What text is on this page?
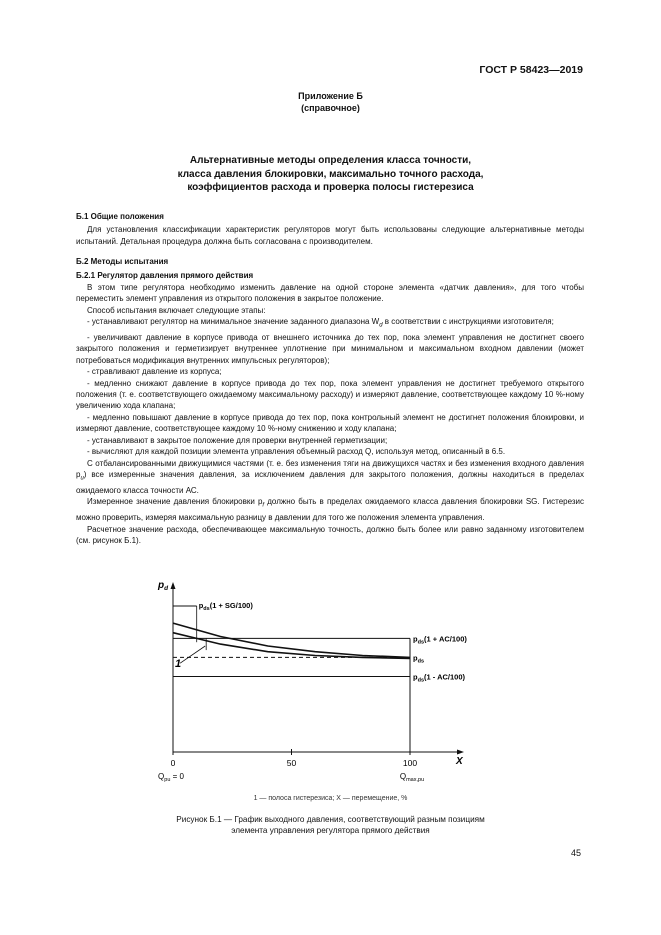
ГОСТ Р 58423—2019
Приложение Б
(справочное)
Альтернативные методы определения класса точности,
класса давления блокировки, максимально точного расхода,
коэффициентов расхода и проверка полосы гистерезиса

Б.1 Общие положения

Для установления классификации характеристик регуляторов могут быть использованы следующие альтернативные методы испытаний. Детальная процедура должна быть согласована с производителем.

Б.2 Методы испытания

Б.2.1 Регулятор давления прямого действия

В этом типе регулятора необходимо изменить давление на одной стороне элемента «датчик давления», для того чтобы переместить элемент управления из открытого положения в закрытое положение.

Способ испытания включает следующие этапы:

- устанавливают регулятор на минимальное значение заданного диапазона $W_d$ в соответствии с инструкциями изготовителя;

- увеличивают давление в корпусе привода от внешнего источника до тех пор, пока элемент управления не достигнет своего закрытого положения и герметизирует внутреннее уплотнение при минимальном и максимальном входном давлении (может потребоваться модификация внутренних импульсных регуляторов);

- стравливают давление из корпуса;

- медленно снижают давление в корпусе привода до тех пор, пока элемент управления не достигнет требуемого открытого положения (т. е. соответствующего ожидаемому максимальному расходу) и измеряют давление, соответствующее каждому 10 %-ному увеличению хода клапана;

- медленно повышают давление в корпусе привода до тех пор, пока контрольный элемент не достигнет положения блокировки, и измеряют давление, соответствующее каждому 10 %-ному снижению и ходу клапана;

- устанавливают в закрытое положение для проверки внутренней герметизации;

- вычисляют для каждой позиции элемента управления объемный расход Q, используя метод, описанный в 6.5.

С отбалансированными движущимися частями (т. е. без изменения тяги на движущихся частях и без изменения входного давления $p_u$) все измеренные значения давления, за исключением давления для закрытого положения, должны находиться в пределах ожидаемого класса точности АС.

Измеренное значение давления блокировки $p_f$ должно быть в пределах ожидаемого класса давления блокировки SG. Гистерезис можно проверить, измеряя максимальную разницу в давлении для того же положения элемента управления.

Расчетное значение расхода, обеспечивающее максимальную точность, должно быть более или равно заданному изготовителем (см. рисунок Б.1).

$p_d$
X
0	50	100
$Q_{pu} = 0$	$Q_{max,pu}$
$p_{ds}(1 + AC/100)$
$p_{ds}$
$p_{ds}(1 - AC/100)$
$p_{ds}(1 + SG/100)$
1
1 — полоса гистерезиса; X — перемещение, %
Рисунок Б.1 — График выходного давления, соответствующий разным позициям
элемента управления регулятора прямого действия
45
